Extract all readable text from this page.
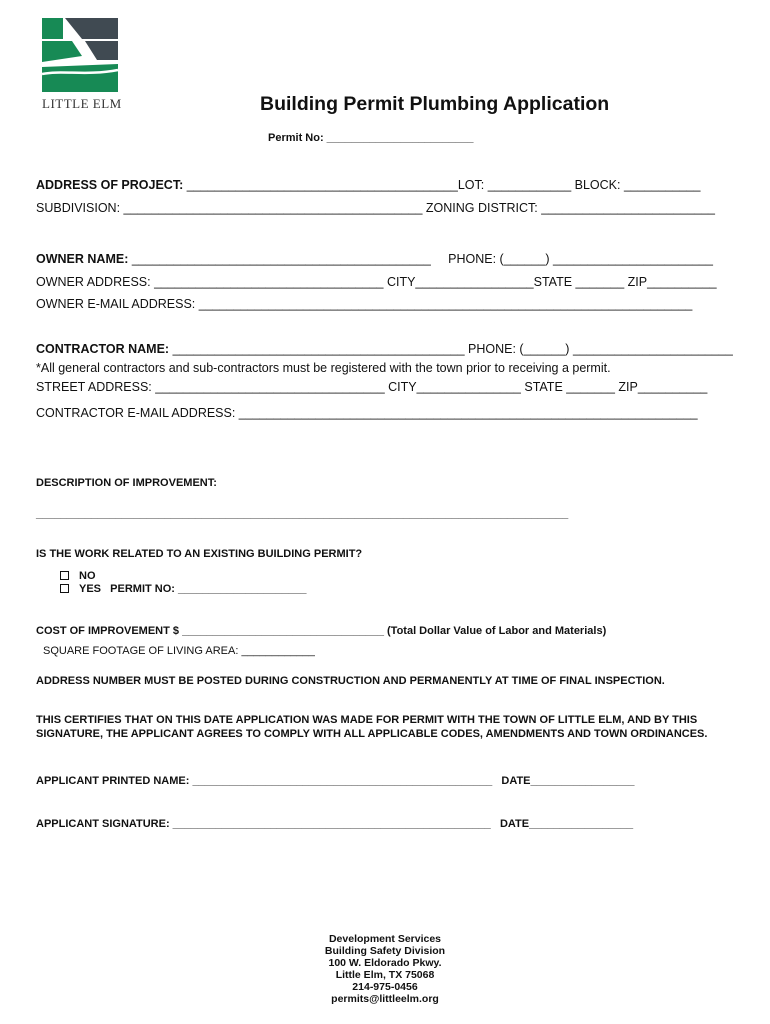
LITTLE ELM	Building Permit Plumbing Application
Permit No: ________________________
ADDRESS OF PROJECT: _______________________________________LOT: ____________ BLOCK: ___________
SUBDIVISION: ___________________________________________ ZONING DISTRICT: _________________________
OWNER NAME: ___________________________________________     PHONE: (______) _______________________
OWNER ADDRESS: _________________________________ CITY_________________STATE _______ ZIP__________
OWNER E-MAIL ADDRESS: _______________________________________________________________________
CONTRACTOR NAME: __________________________________________ PHONE: (______) _______________________
*All general contractors and sub-contractors must be registered with the town prior to receiving a permit.
STREET ADDRESS: _________________________________ CITY_______________ STATE _______ ZIP__________
CONTRACTOR E-MAIL ADDRESS: __________________________________________________________________
DESCRIPTION OF IMPROVEMENT:
_______________________________________________________________________________________
IS THE WORK RELATED TO AN EXISTING BUILDING PERMIT?
NO
YES   PERMIT NO: _____________________
COST OF IMPROVEMENT $ _________________________________ (Total Dollar Value of Labor and Materials)
SQUARE FOOTAGE OF LIVING AREA: ____________
ADDRESS NUMBER MUST BE POSTED DURING CONSTRUCTION AND PERMANENTLY AT TIME OF FINAL INSPECTION.
THIS CERTIFIES THAT ON THIS DATE APPLICATION WAS MADE FOR PERMIT WITH THE TOWN OF LITTLE ELM, AND BY THIS
SIGNATURE, THE APPLICANT AGREES TO COMPLY WITH ALL APPLICABLE CODES, AMENDMENTS AND TOWN ORDINANCES.
APPLICANT PRINTED NAME: _________________________________________________   DATE_________________
APPLICANT SIGNATURE: ____________________________________________________   DATE_________________
Development Services
Building Safety Division
100 W. Eldorado Pkwy.
Little Elm, TX 75068
214-975-0456
permits@littleelm.org
